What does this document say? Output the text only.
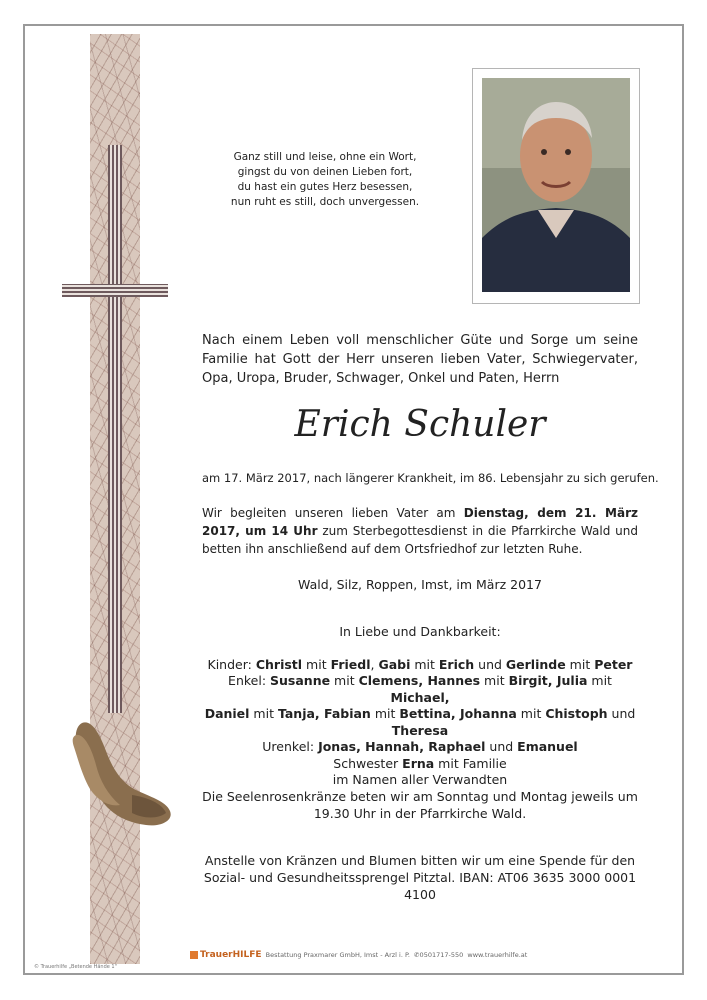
Ganz still und leise, ohne ein Wort,
gingst du von deinen Lieben fort,
du hast ein gutes Herz besessen,
nun ruht es still, doch unvergessen.
Nach einem Leben voll menschlicher Güte und Sorge um seine Familie hat Gott der Herr unseren lieben Vater, Schwiegervater, Opa, Uropa, Bruder, Schwager, Onkel und Paten, Herrn
Erich Schuler
am 17. März 2017, nach längerer Krankheit, im 86. Lebensjahr zu sich gerufen.
Wir begleiten unseren lieben Vater am Dienstag, dem 21. März 2017, um 14 Uhr zum Sterbegottesdienst in die Pfarrkirche Wald und betten ihn anschließend auf dem Ortsfriedhof zur letzten Ruhe.
Wald, Silz, Roppen, Imst, im März 2017
In Liebe und Dankbarkeit:
Kinder: Christl mit Friedl, Gabi mit Erich und Gerlinde mit Peter
Enkel: Susanne mit Clemens, Hannes mit Birgit, Julia mit Michael,
Daniel mit Tanja, Fabian mit Bettina, Johanna mit Chistoph und Theresa
Urenkel: Jonas, Hannah, Raphael und Emanuel
Schwester Erna mit Familie
im Namen aller Verwandten
Die Seelenrosenkränze beten wir am Sonntag und Montag jeweils um 19.30 Uhr in der Pfarrkirche Wald.
Anstelle von Kränzen und Blumen bitten wir um eine Spende für den Sozial- und Gesundheitssprengel Pitztal. IBAN: AT06 3635 3000 0001 4100
TrauerHILFE Bestattung Praxmarer GmbH, Imst - Arzl i. P. ✆0501717-550 www.trauerhilfe.at
© Trauerhilfe „Betende Hände 1"
